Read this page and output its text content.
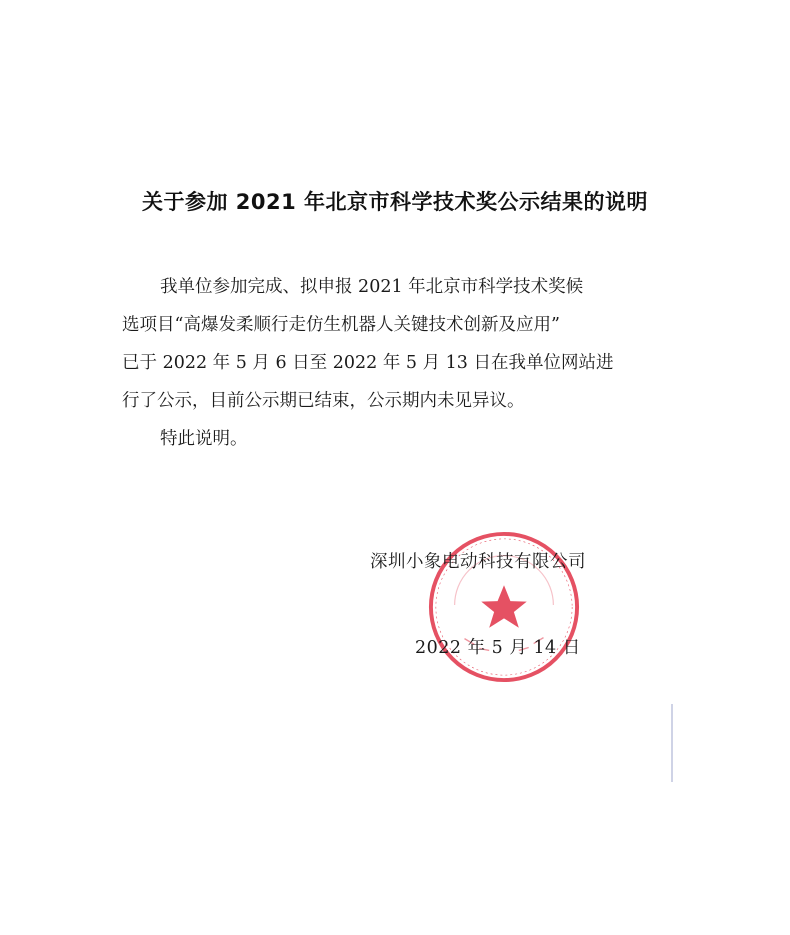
关于参加 2021 年北京市科学技术奖公示结果的说明
我单位参加完成、拟申报 2021 年北京市科学技术奖候
选项目“高爆发柔顺行走仿生机器人关键技术创新及应用”
已于 2022 年 5 月 6 日至 2022 年 5 月 13 日在我单位网站进
行了公示，目前公示期已结束，公示期内未见异议。
特此说明。
深圳小象电动科技有限公司
2022 年 5 月 14 日
